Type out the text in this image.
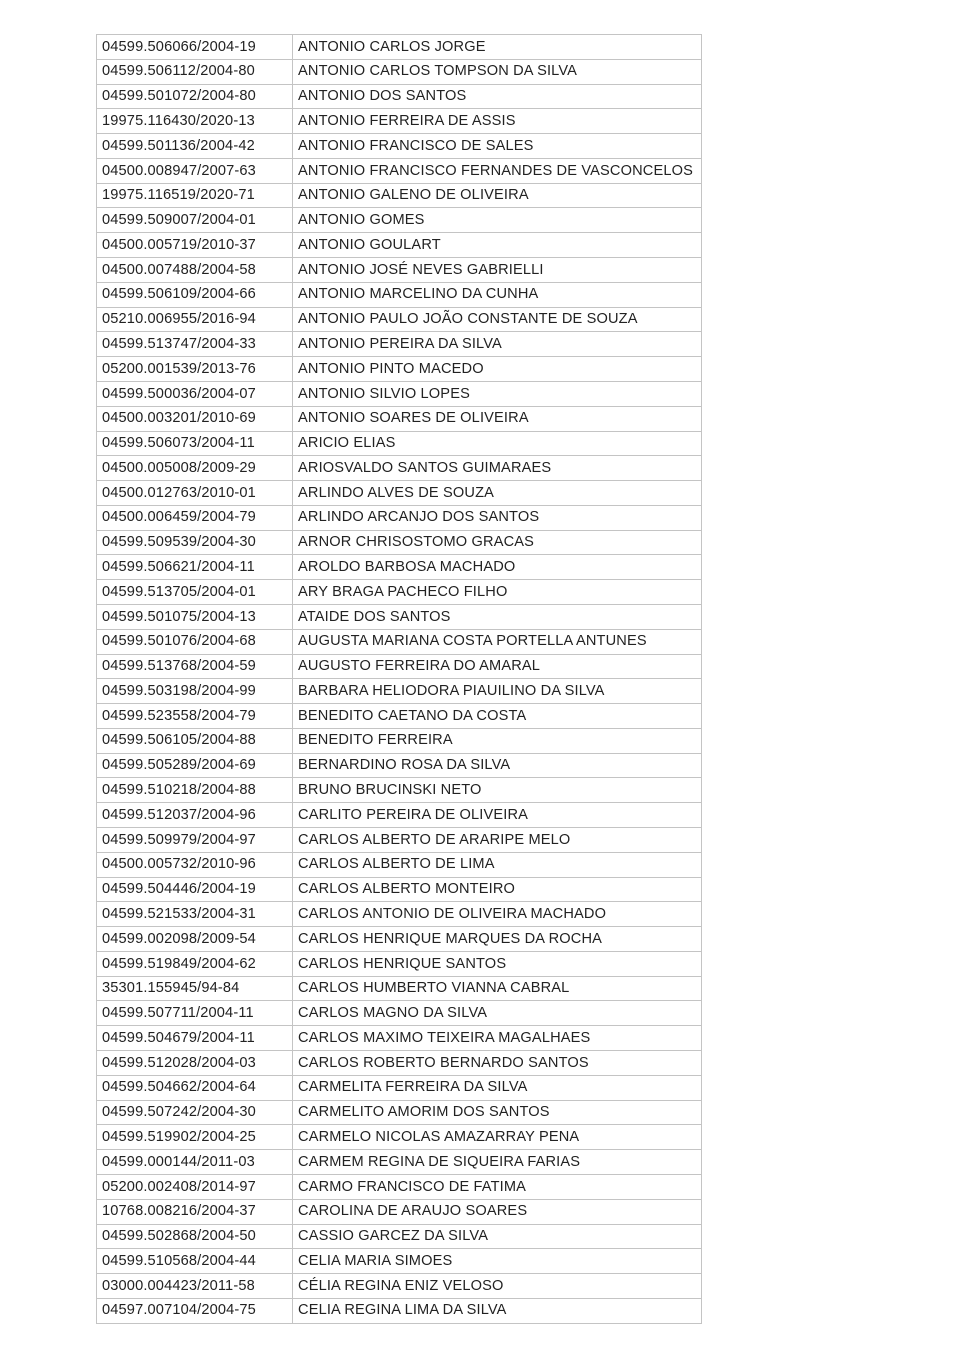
04599.506066/2004-19	ANTONIO CARLOS JORGE
04599.506112/2004-80	ANTONIO CARLOS TOMPSON DA SILVA
04599.501072/2004-80	ANTONIO DOS SANTOS
19975.116430/2020-13	ANTONIO FERREIRA DE ASSIS
04599.501136/2004-42	ANTONIO FRANCISCO DE SALES
04500.008947/2007-63	ANTONIO FRANCISCO FERNANDES DE VASCONCELOS
19975.116519/2020-71	ANTONIO GALENO DE OLIVEIRA
04599.509007/2004-01	ANTONIO GOMES
04500.005719/2010-37	ANTONIO GOULART
04500.007488/2004-58	ANTONIO JOSÉ NEVES GABRIELLI
04599.506109/2004-66	ANTONIO MARCELINO DA CUNHA
05210.006955/2016-94	ANTONIO PAULO JOÃO CONSTANTE DE SOUZA
04599.513747/2004-33	ANTONIO PEREIRA DA SILVA
05200.001539/2013-76	ANTONIO PINTO MACEDO
04599.500036/2004-07	ANTONIO SILVIO LOPES
04500.003201/2010-69	ANTONIO SOARES DE OLIVEIRA
04599.506073/2004-11	ARICIO ELIAS
04500.005008/2009-29	ARIOSVALDO SANTOS GUIMARAES
04500.012763/2010-01	ARLINDO ALVES DE SOUZA
04500.006459/2004-79	ARLINDO ARCANJO DOS SANTOS
04599.509539/2004-30	ARNOR CHRISOSTOMO GRACAS
04599.506621/2004-11	AROLDO BARBOSA MACHADO
04599.513705/2004-01	ARY BRAGA PACHECO FILHO
04599.501075/2004-13	ATAIDE DOS SANTOS
04599.501076/2004-68	AUGUSTA MARIANA COSTA PORTELLA ANTUNES
04599.513768/2004-59	AUGUSTO FERREIRA DO AMARAL
04599.503198/2004-99	BARBARA HELIODORA PIAUILINO DA SILVA
04599.523558/2004-79	BENEDITO CAETANO DA COSTA
04599.506105/2004-88	BENEDITO FERREIRA
04599.505289/2004-69	BERNARDINO ROSA DA SILVA
04599.510218/2004-88	BRUNO BRUCINSKI NETO
04599.512037/2004-96	CARLITO PEREIRA DE OLIVEIRA
04599.509979/2004-97	CARLOS ALBERTO DE ARARIPE MELO
04500.005732/2010-96	CARLOS ALBERTO DE LIMA
04599.504446/2004-19	CARLOS ALBERTO MONTEIRO
04599.521533/2004-31	CARLOS ANTONIO DE OLIVEIRA MACHADO
04599.002098/2009-54	CARLOS HENRIQUE MARQUES DA ROCHA
04599.519849/2004-62	CARLOS HENRIQUE SANTOS
35301.155945/94-84	CARLOS HUMBERTO VIANNA CABRAL
04599.507711/2004-11	CARLOS MAGNO DA SILVA
04599.504679/2004-11	CARLOS MAXIMO TEIXEIRA MAGALHAES
04599.512028/2004-03	CARLOS ROBERTO BERNARDO SANTOS
04599.504662/2004-64	CARMELITA FERREIRA DA SILVA
04599.507242/2004-30	CARMELITO AMORIM DOS SANTOS
04599.519902/2004-25	CARMELO NICOLAS AMAZARRAY PENA
04599.000144/2011-03	CARMEM REGINA DE SIQUEIRA FARIAS
05200.002408/2014-97	CARMO FRANCISCO DE FATIMA
10768.008216/2004-37	CAROLINA DE ARAUJO SOARES
04599.502868/2004-50	CASSIO GARCEZ DA SILVA
04599.510568/2004-44	CELIA MARIA SIMOES
03000.004423/2011-58	CÉLIA REGINA ENIZ VELOSO
04597.007104/2004-75	CELIA REGINA LIMA DA SILVA
